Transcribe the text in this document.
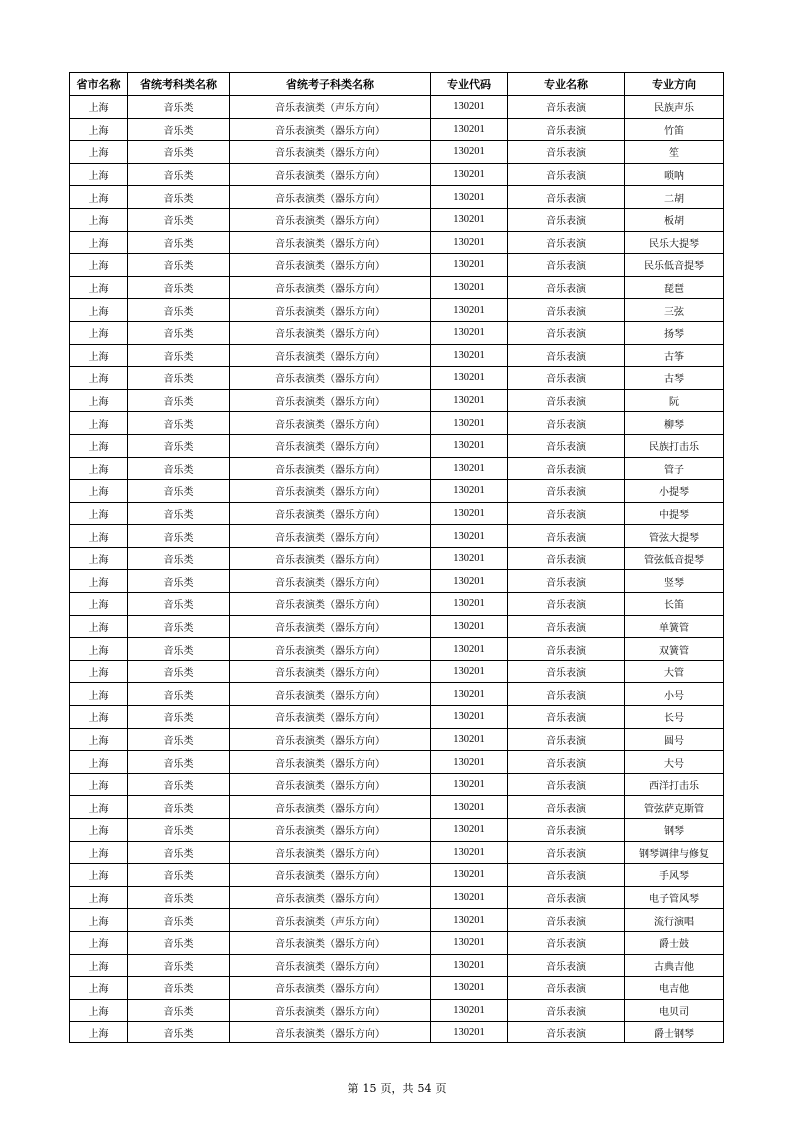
省市名称	省统考科类名称	省统考子科类名称	专业代码	专业名称	专业方向
上海	音乐类	音乐表演类（声乐方向）	130201	音乐表演	民族声乐
上海	音乐类	音乐表演类（器乐方向）	130201	音乐表演	竹笛
上海	音乐类	音乐表演类（器乐方向）	130201	音乐表演	笙
上海	音乐类	音乐表演类（器乐方向）	130201	音乐表演	唢呐
上海	音乐类	音乐表演类（器乐方向）	130201	音乐表演	二胡
上海	音乐类	音乐表演类（器乐方向）	130201	音乐表演	板胡
上海	音乐类	音乐表演类（器乐方向）	130201	音乐表演	民乐大提琴
上海	音乐类	音乐表演类（器乐方向）	130201	音乐表演	民乐低音提琴
上海	音乐类	音乐表演类（器乐方向）	130201	音乐表演	琵琶
上海	音乐类	音乐表演类（器乐方向）	130201	音乐表演	三弦
上海	音乐类	音乐表演类（器乐方向）	130201	音乐表演	扬琴
上海	音乐类	音乐表演类（器乐方向）	130201	音乐表演	古筝
上海	音乐类	音乐表演类（器乐方向）	130201	音乐表演	古琴
上海	音乐类	音乐表演类（器乐方向）	130201	音乐表演	阮
上海	音乐类	音乐表演类（器乐方向）	130201	音乐表演	柳琴
上海	音乐类	音乐表演类（器乐方向）	130201	音乐表演	民族打击乐
上海	音乐类	音乐表演类（器乐方向）	130201	音乐表演	管子
上海	音乐类	音乐表演类（器乐方向）	130201	音乐表演	小提琴
上海	音乐类	音乐表演类（器乐方向）	130201	音乐表演	中提琴
上海	音乐类	音乐表演类（器乐方向）	130201	音乐表演	管弦大提琴
上海	音乐类	音乐表演类（器乐方向）	130201	音乐表演	管弦低音提琴
上海	音乐类	音乐表演类（器乐方向）	130201	音乐表演	竖琴
上海	音乐类	音乐表演类（器乐方向）	130201	音乐表演	长笛
上海	音乐类	音乐表演类（器乐方向）	130201	音乐表演	单簧管
上海	音乐类	音乐表演类（器乐方向）	130201	音乐表演	双簧管
上海	音乐类	音乐表演类（器乐方向）	130201	音乐表演	大管
上海	音乐类	音乐表演类（器乐方向）	130201	音乐表演	小号
上海	音乐类	音乐表演类（器乐方向）	130201	音乐表演	长号
上海	音乐类	音乐表演类（器乐方向）	130201	音乐表演	圆号
上海	音乐类	音乐表演类（器乐方向）	130201	音乐表演	大号
上海	音乐类	音乐表演类（器乐方向）	130201	音乐表演	西洋打击乐
上海	音乐类	音乐表演类（器乐方向）	130201	音乐表演	管弦萨克斯管
上海	音乐类	音乐表演类（器乐方向）	130201	音乐表演	钢琴
上海	音乐类	音乐表演类（器乐方向）	130201	音乐表演	钢琴调律与修复
上海	音乐类	音乐表演类（器乐方向）	130201	音乐表演	手风琴
上海	音乐类	音乐表演类（器乐方向）	130201	音乐表演	电子管风琴
上海	音乐类	音乐表演类（声乐方向）	130201	音乐表演	流行演唱
上海	音乐类	音乐表演类（器乐方向）	130201	音乐表演	爵士鼓
上海	音乐类	音乐表演类（器乐方向）	130201	音乐表演	古典吉他
上海	音乐类	音乐表演类（器乐方向）	130201	音乐表演	电吉他
上海	音乐类	音乐表演类（器乐方向）	130201	音乐表演	电贝司
上海	音乐类	音乐表演类（器乐方向）	130201	音乐表演	爵士钢琴
第 15 页，共 54 页
